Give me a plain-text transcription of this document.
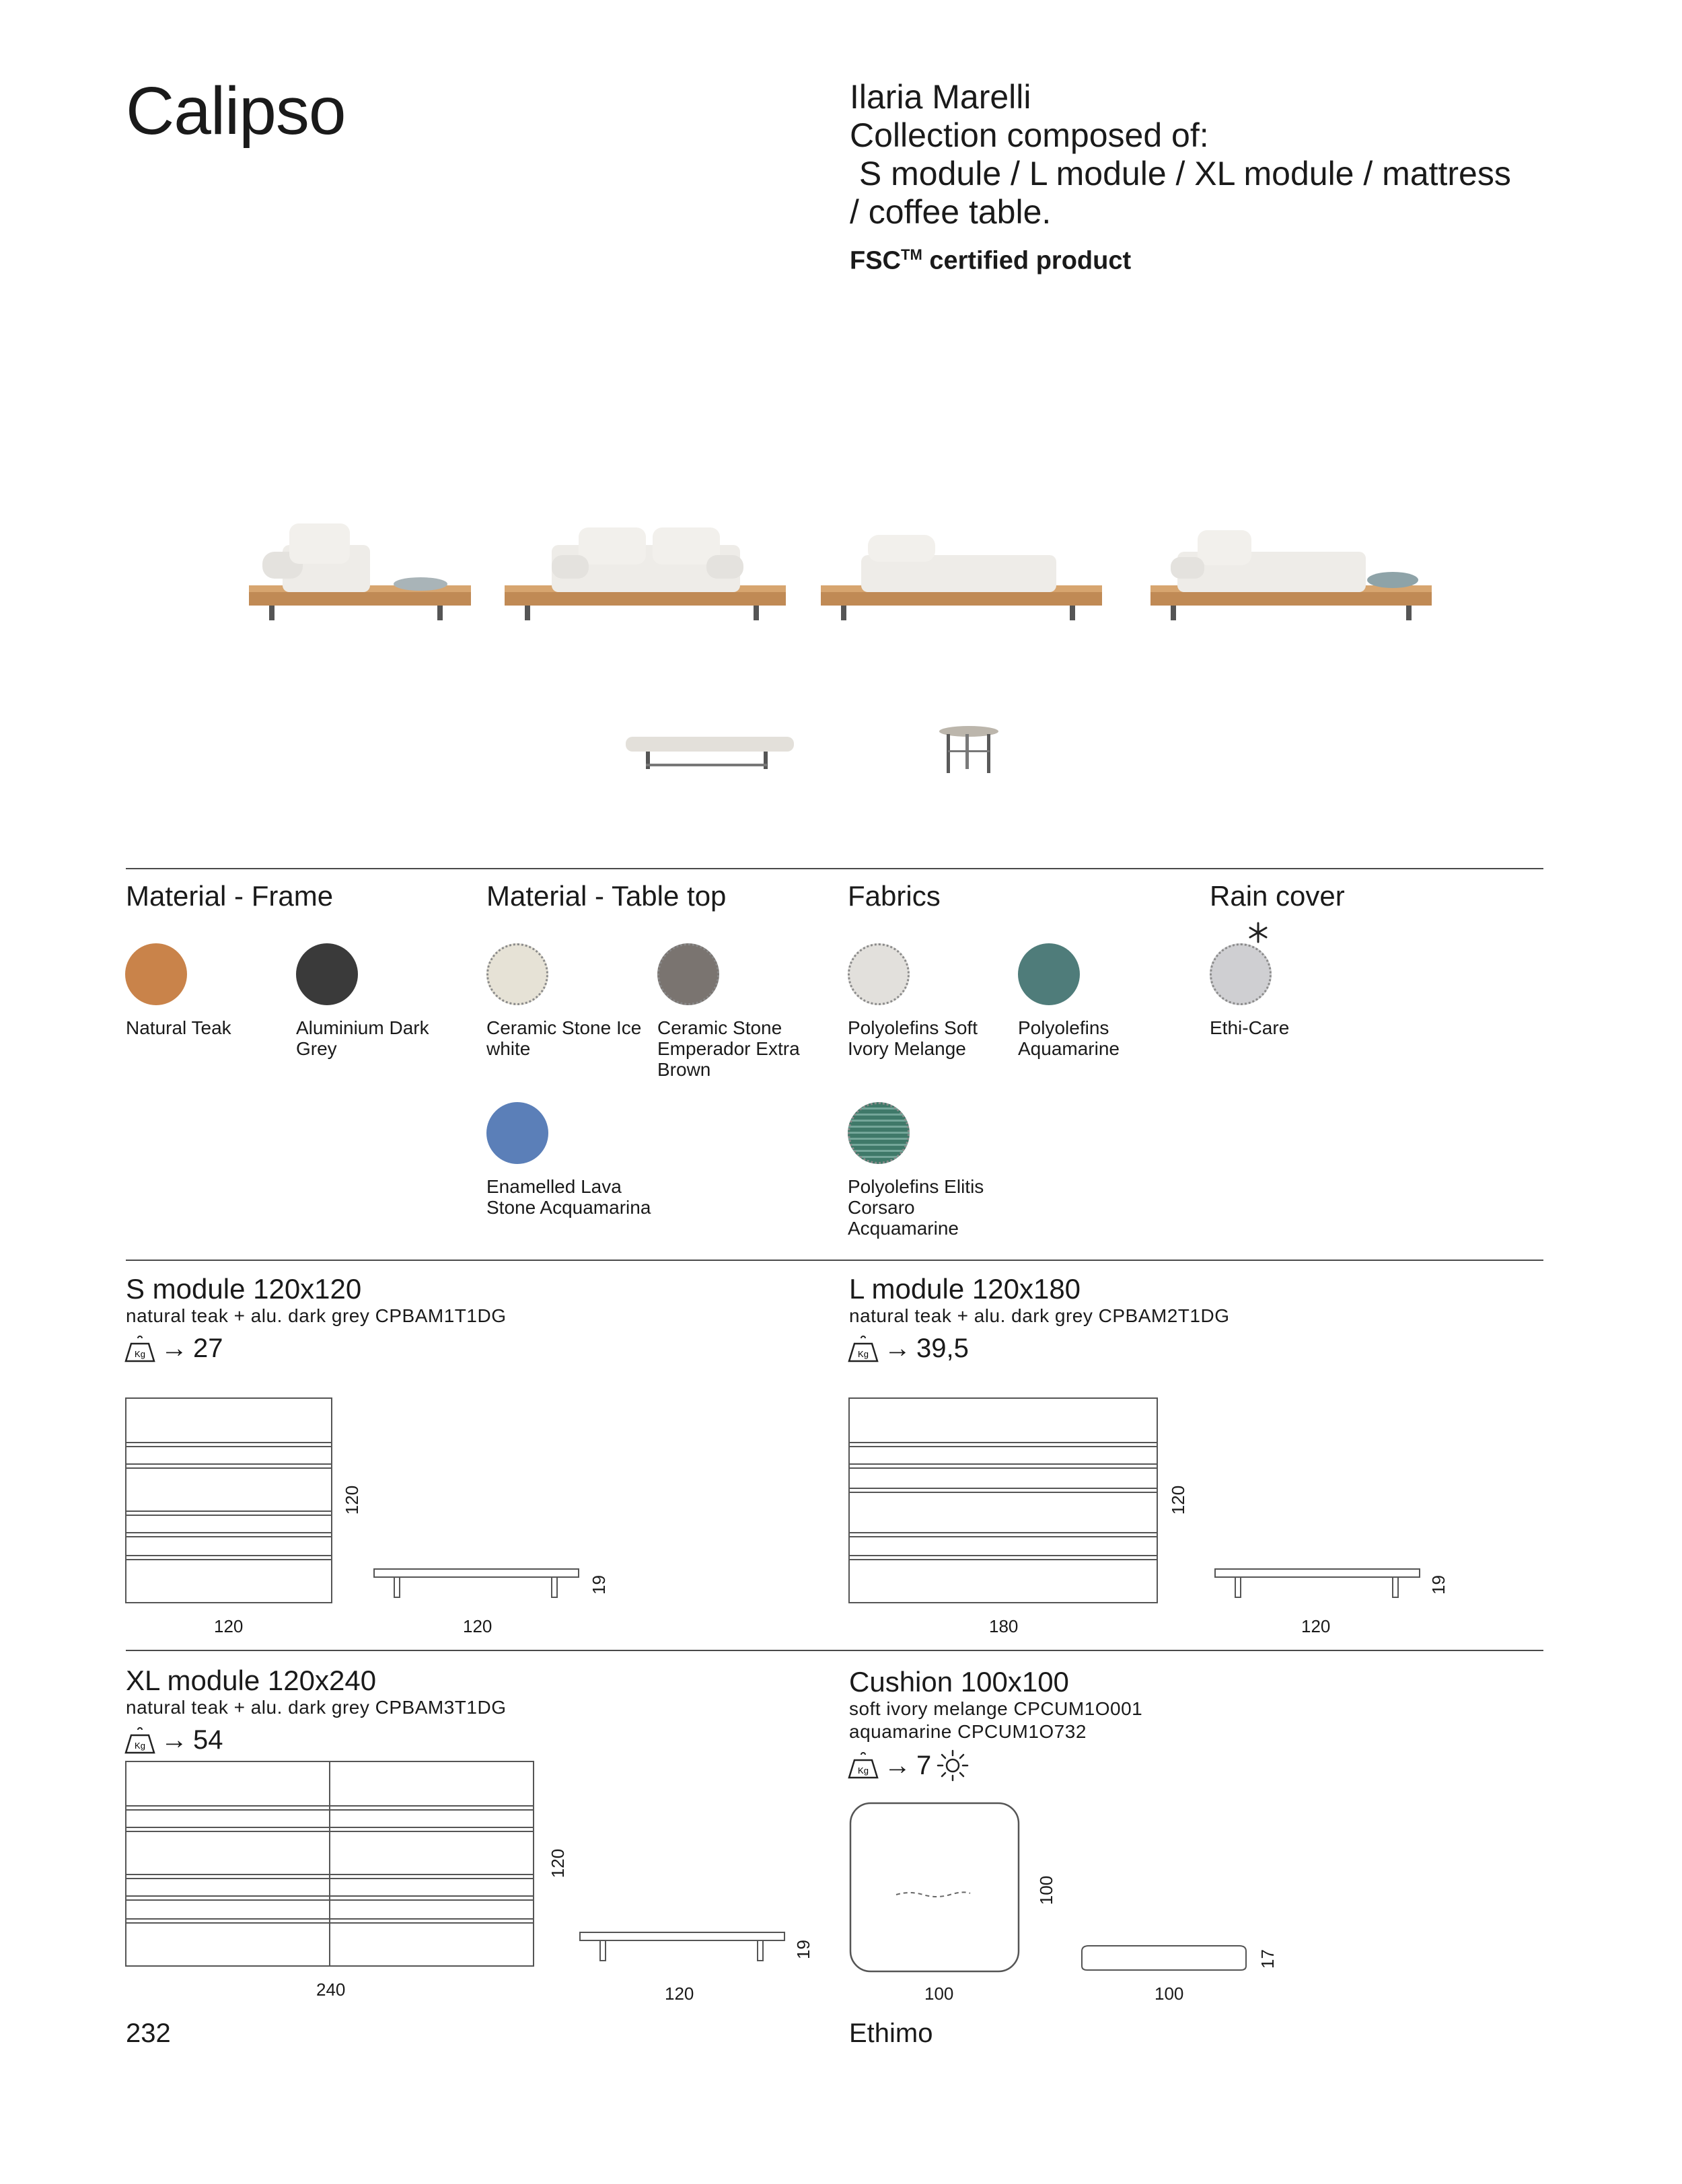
Calipso	Ilaria Marelli
Collection composed of:
S module / L module / XL module / mattress
/ coffee table.
FSC™ certified product
Material - Frame	Material - Table top	Fabrics	Rain cover
Natural Teak	Aluminium Dark Grey
Ceramic Stone Ice white
Ceramic Stone Emperador Extra Brown
Enamelled Lava Stone Acquamarina
Polyolefins Soft Ivory Melange
Polyolefins Aquamarine
Polyolefins Elitis Corsaro Acquamarine
Ethi-Care
S module 120x120
natural teak + alu. dark grey CPBAM1T1DG
Kg → 27
120
120
120
19
L module 120x180
natural teak + alu. dark grey CPBAM2T1DG
Kg → 39,5
180
120
120
19
XL module 120x240
natural teak + alu. dark grey CPBAM3T1DG
Kg → 54
240
120
120
19
Cushion 100x100
soft ivory melange CPCUM1O001
aquamarine CPCUM1O732
Kg → 7
100
100
100
17
232	Ethimo
